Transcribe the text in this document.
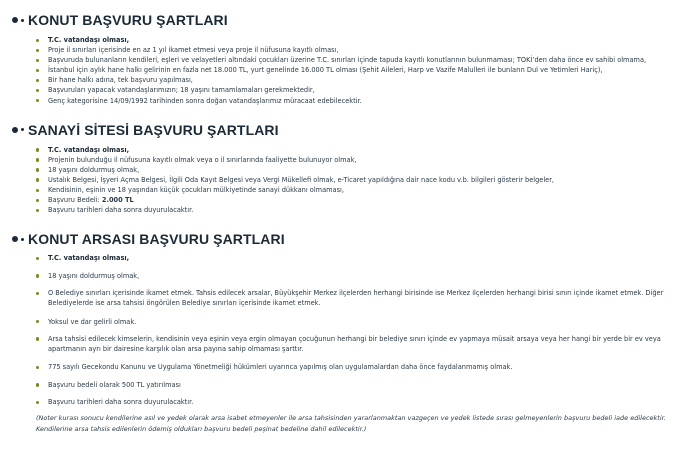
KONUT BAŞVURU ŞARTLARI
T.C. vatandaşı olması,
Proje il sınırları içerisinde en az 1 yıl ikamet etmesi veya proje il nüfusuna kayıtlı olması,
Başvuruda bulunanların kendileri, eşleri ve velayetleri altındaki çocukları üzerine T.C. sınırları içinde tapuda kayıtlı konutlarının bulunmaması; TOKİ’den daha önce ev sahibi olmama,
İstanbul için aylık hane halkı gelirinin en fazla net 18.000 TL, yurt genelinde 16.000 TL olması (Şehit Aileleri, Harp ve Vazife Malulleri ile bunların Dul ve Yetimleri Hariç),
Bir hane halkı adına, tek başvuru yapılması,
Başvuruları yapacak vatandaşlarımızın; 18 yaşını tamamlamaları gerekmektedir,
Genç kategorisine 14/09/1992 tarihinden sonra doğan vatandaşlarımız müracaat edebilecektir.
SANAYİ SİTESİ BAŞVURU ŞARTLARI
T.C. vatandaşı olması,
Projenin bulunduğu il nüfusuna kayıtlı olmak veya o il sınırlarında faaliyette bulunuyor olmak,
18 yaşını doldurmuş olmak,
Ustalık Belgesi, İşyeri Açma Belgesi, İlgili Oda Kayıt Belgesi veya Vergi Mükellefi olmak, e-Ticaret yapıldığına dair nace kodu v.b. bilgileri gösterir belgeler,
Kendisinin, eşinin ve 18 yaşından küçük çocukları mülkiyetinde sanayi dükkanı olmaması,
Başvuru Bedeli: 2.000 TL
Başvuru tarihleri daha sonra duyurulacaktır.
KONUT ARSASI BAŞVURU ŞARTLARI
T.C. vatandaşı olması,
18 yaşını doldurmuş olmak,
O Belediye sınırları içerisinde ikamet etmek. Tahsis edilecek arsalar, Büyükşehir Merkez ilçelerden herhangi birisinde ise Merkez ilçelerden herhangi birisi sınırı içinde ikamet etmek. Diğer Belediyelerde ise arsa tahsisi öngörülen Belediye sınırları içerisinde ikamet etmek.
Yoksul ve dar gelirli olmak.
Arsa tahsisi edilecek kimselerin, kendisinin veya eşinin veya ergin olmayan çocuğunun herhangi bir belediye sınırı içinde ev yapmaya müsait arsaya veya her hangi bir yerde bir ev veya apartmanın ayrı bir dairesine karşılık olan arsa payına sahip olmaması şarttır.
775 sayılı Gecekondu Kanunu ve Uygulama Yönetmeliği hükümleri uyarınca yapılmış olan uygulamalardan daha önce faydalanmamış olmak.
Başvuru bedeli olarak 500 TL yatırılması
Başvuru tarihleri daha sonra duyurulacaktır.
(Noter kurası sonucu kendilerine asıl ve yedek olarak arsa isabet etmeyenler ile arsa tahsisinden yararlanmaktan vazgeçen ve yedek listede sırası gelmeyenlerin başvuru bedeli iade edilecektir. Kendilerine arsa tahsis edilenlerin ödemiş oldukları başvuru bedeli peşinat bedeline dahil edilecektir.)
